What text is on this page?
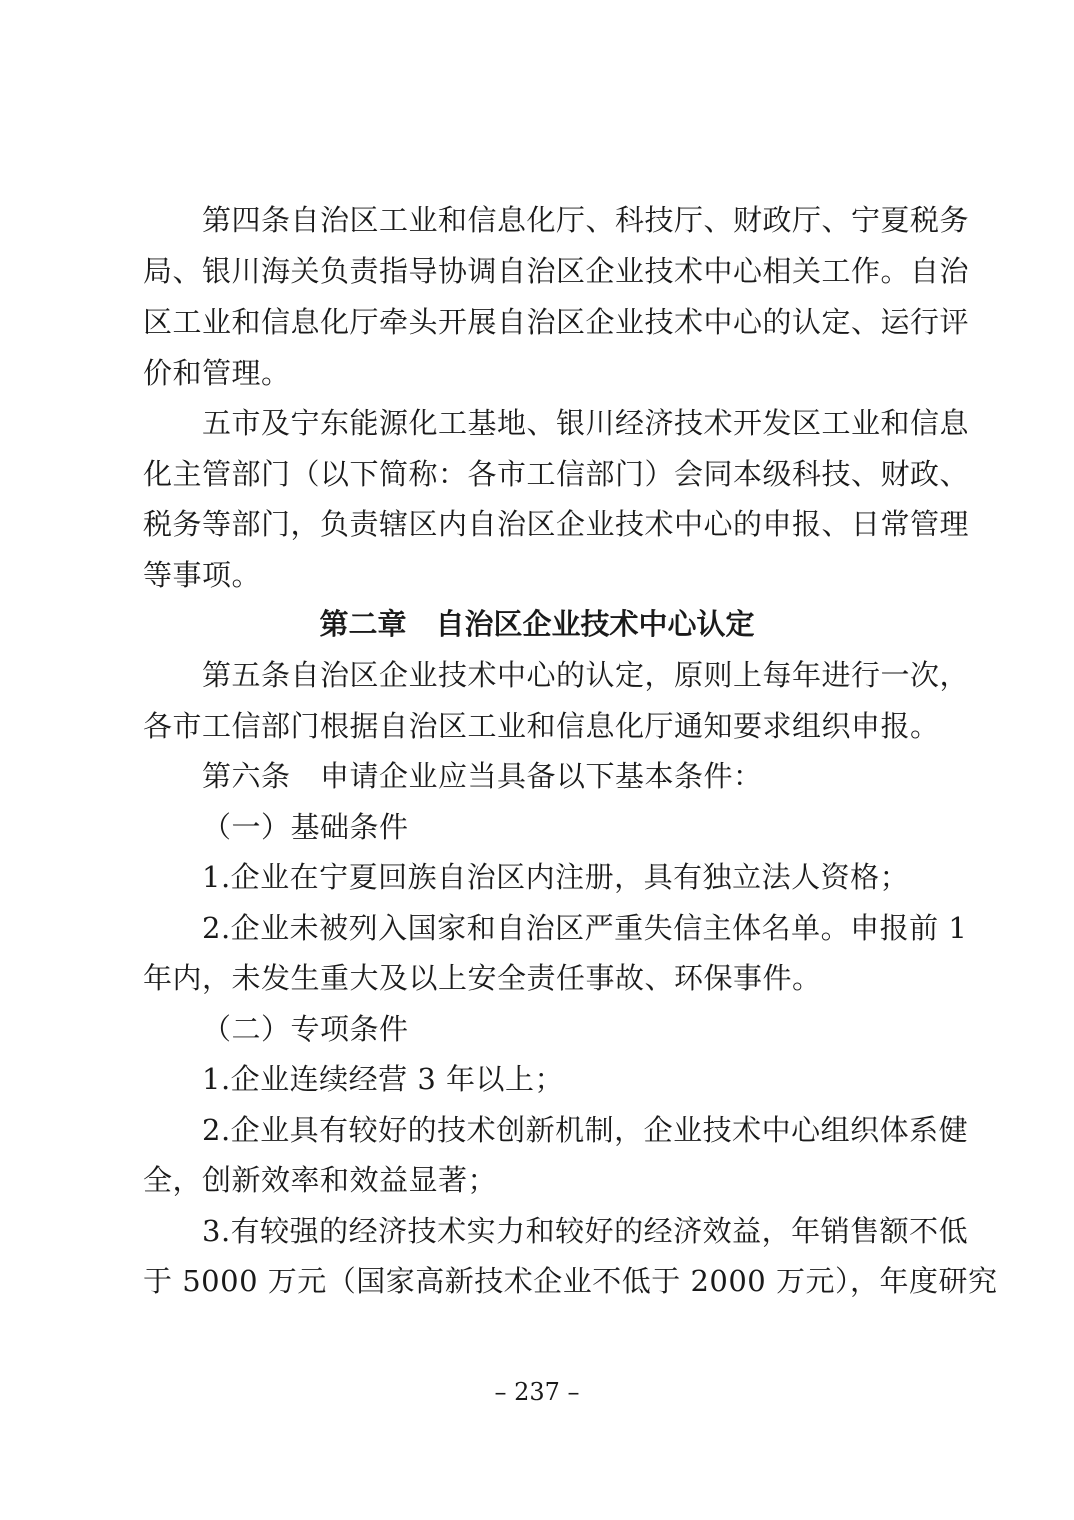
第四条自治区工业和信息化厅、科技厅、财政厅、宁夏税务
局、银川海关负责指导协调自治区企业技术中心相关工作。自治
区工业和信息化厅牵头开展自治区企业技术中心的认定、运行评
价和管理。
五市及宁东能源化工基地、银川经济技术开发区工业和信息
化主管部门（以下简称：各市工信部门）会同本级科技、财政、
税务等部门，负责辖区内自治区企业技术中心的申报、日常管理
等事项。
第二章　自治区企业技术中心认定
第五条自治区企业技术中心的认定，原则上每年进行一次，
各市工信部门根据自治区工业和信息化厅通知要求组织申报。
第六条　申请企业应当具备以下基本条件：
（一）基础条件
1.企业在宁夏回族自治区内注册，具有独立法人资格；
2.企业未被列入国家和自治区严重失信主体名单。申报前 1
年内，未发生重大及以上安全责任事故、环保事件。
（二）专项条件
1.企业连续经营 3 年以上；
2.企业具有较好的技术创新机制，企业技术中心组织体系健
全，创新效率和效益显著；
3.有较强的经济技术实力和较好的经济效益，年销售额不低
于 5000 万元（国家高新技术企业不低于 2000 万元），年度研究
– 237 –
